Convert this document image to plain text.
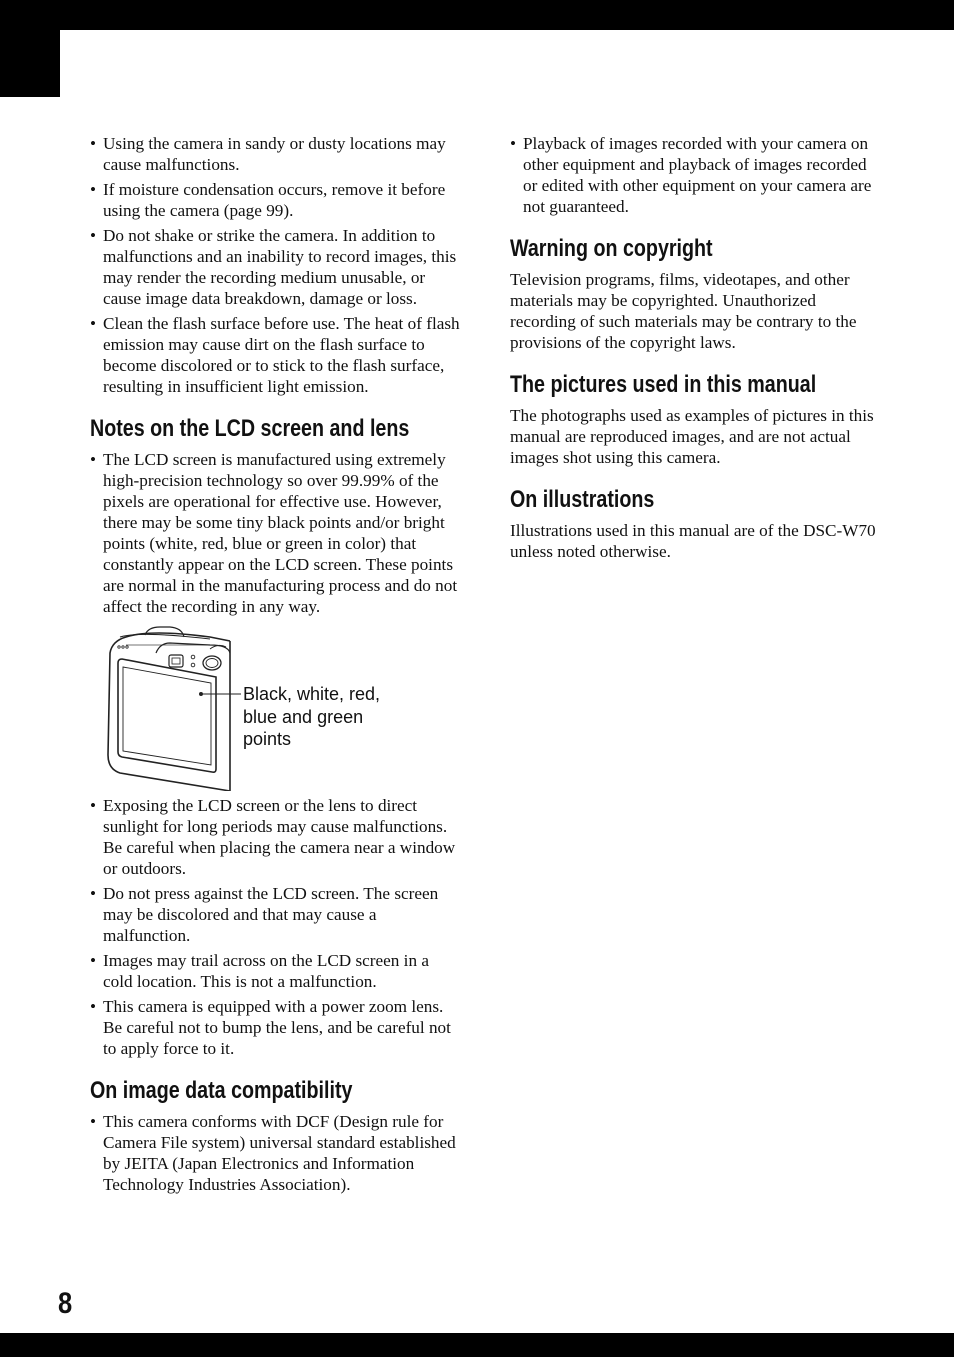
• Using the camera in sandy or dusty locations may cause malfunctions.
• If moisture condensation occurs, remove it before using the camera (page 99).
• Do not shake or strike the camera. In addition to malfunctions and an inability to record images, this may render the recording medium unusable, or cause image data breakdown, damage or loss.
• Clean the flash surface before use. The heat of flash emission may cause dirt on the flash surface to become discolored or to stick to the flash surface, resulting in insufficient light emission.
Notes on the LCD screen and lens
• The LCD screen is manufactured using extremely high-precision technology so over 99.99% of the pixels are operational for effective use. However, there may be some tiny black points and/or bright points (white, red, blue or green in color) that constantly appear on the LCD screen. These points are normal in the manufacturing process and do not affect the recording in any way.
Black, white, red, blue and green points
• Exposing the LCD screen or the lens to direct sunlight for long periods may cause malfunctions. Be careful when placing the camera near a window or outdoors.
• Do not press against the LCD screen. The screen may be discolored and that may cause a malfunction.
• Images may trail across on the LCD screen in a cold location. This is not a malfunction.
• This camera is equipped with a power zoom lens. Be careful not to bump the lens, and be careful not to apply force to it.
On image data compatibility
• This camera conforms with DCF (Design rule for Camera File system) universal standard established by JEITA (Japan Electronics and Information Technology Industries Association).
• Playback of images recorded with your camera on other equipment and playback of images recorded or edited with other equipment on your camera are not guaranteed.
Warning on copyright

Television programs, films, videotapes, and other materials may be copyrighted. Unauthorized recording of such materials may be contrary to the provisions of the copyright laws.

The pictures used in this manual

The photographs used as examples of pictures in this manual are reproduced images, and are not actual images shot using this camera.

On illustrations

Illustrations used in this manual are of the DSC-W70 unless noted otherwise.

8
